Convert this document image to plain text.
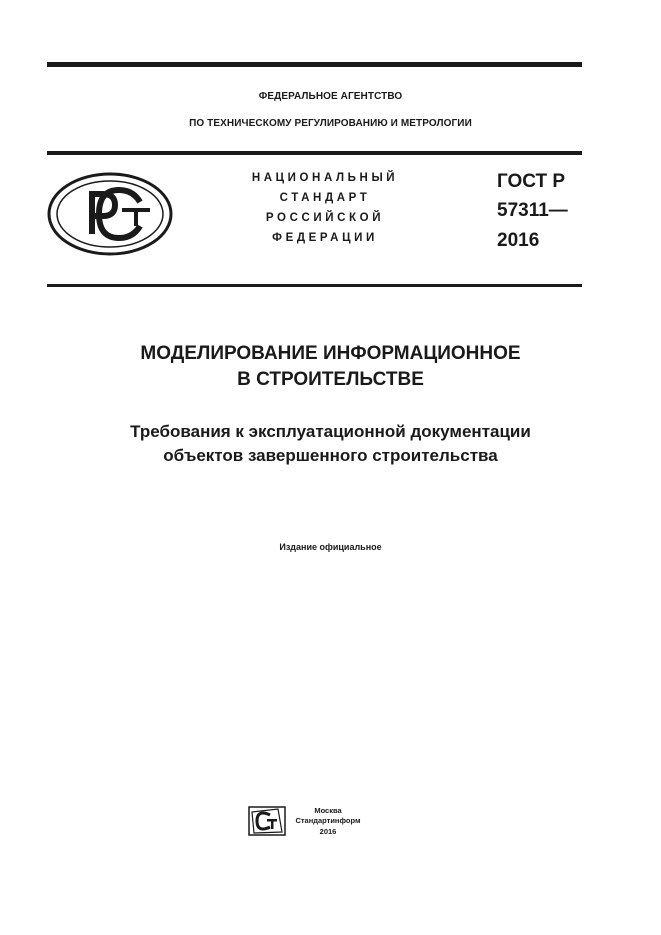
ФЕДЕРАЛЬНОЕ АГЕНТСТВО
ПО ТЕХНИЧЕСКОМУ РЕГУЛИРОВАНИЮ И МЕТРОЛОГИИ
НАЦИОНАЛЬНЫЙ
СТАНДАРТ
РОССИЙСКОЙ
ФЕДЕРАЦИИ
ГОСТ Р
57311—
2016
МОДЕЛИРОВАНИЕ ИНФОРМАЦИОННОЕ
В СТРОИТЕЛЬСТВЕ
Требования к эксплуатационной документации
объектов завершенного строительства
Издание официальное
Москва
Стандартинформ
2016
